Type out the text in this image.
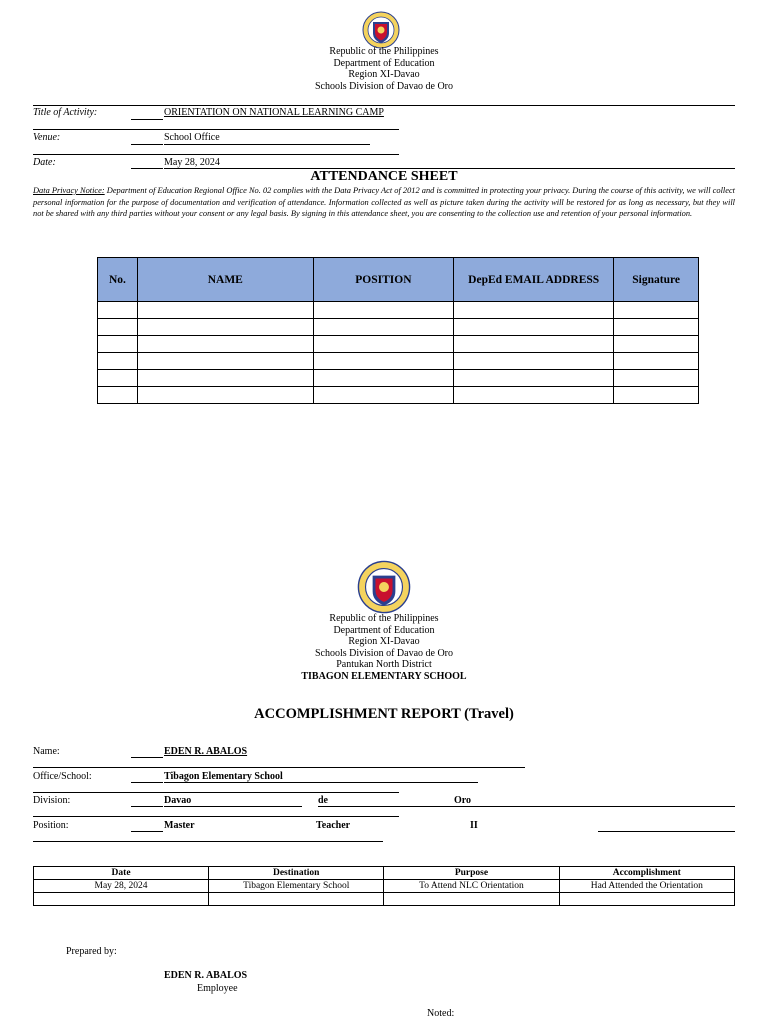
Republic of the Philippines
Department of Education
Region XI-Davao
Schools Division of Davao de Oro
Title of Activity:	ORIENTATION ON NATIONAL LEARNING CAMP
Venue:	School Office
Date:	May 28, 2024
ATTENDANCE SHEET
Data Privacy Notice: Department of Education Regional Office No. 02 complies with the Data Privacy Act of 2012 and is committed in protecting your privacy. During the course of this activity, we will collect personal information for the purpose of documentation and verification of attendance. Information collected as well as picture taken during the activity will be restored for as long as necessary, but they will not be shared with any third parties without your consent or any legal basis. By signing in this attendance sheet, you are consenting to the collection use and retention of your personal information.
No.	NAME	POSITION	DepEd EMAIL ADDRESS	Signature

Republic of the Philippines
Department of Education
Region XI-Davao
Schools Division of Davao de Oro
Pantukan North District
TIBAGON ELEMENTARY SCHOOL
ACCOMPLISHMENT REPORT (Travel)
Name:	EDEN R. ABALOS
Office/School:	Tibagon Elementary School
Division:	Davao	de	Oro
Position:	Master	Teacher	II
Date	Destination	Purpose	Accomplishment
May 28, 2024	Tibagon Elementary School	To Attend NLC Orientation	Had Attended the Orientation

Prepared by:
EDEN R. ABALOS
Employee
Noted:
